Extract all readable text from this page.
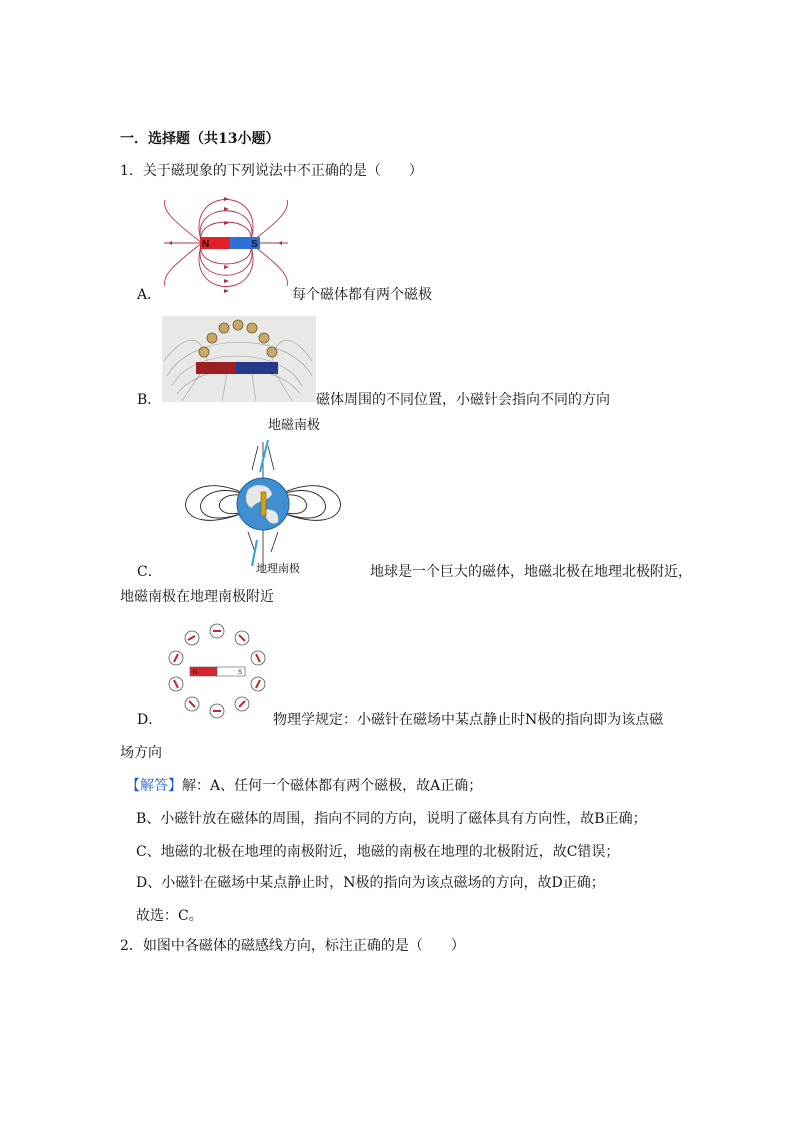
一．选择题（共13小题）
1．关于磁现象的下列说法中不正确的是（　　）
N	S
A．	每个磁体都有两个磁极
B．	磁体周围的不同位置，小磁针会指向不同的方向
地磁南极
地理南极
C．	地球是一个巨大的磁体，地磁北极在地理北极附近，
地磁南极在地理南极附近
N	S
D．	物理学规定：小磁针在磁场中某点静止时N极的指向即为该点磁
场方向
【解答】解：A、任何一个磁体都有两个磁极，故A正确；
B、小磁针放在磁体的周围，指向不同的方向，说明了磁体具有方向性，故B正确；
C、地磁的北极在地理的南极附近，地磁的南极在地理的北极附近，故C错误；
D、小磁针在磁场中某点静止时，N极的指向为该点磁场的方向，故D正确；
故选：C。
2．如图中各磁体的磁感线方向，标注正确的是（　　）
